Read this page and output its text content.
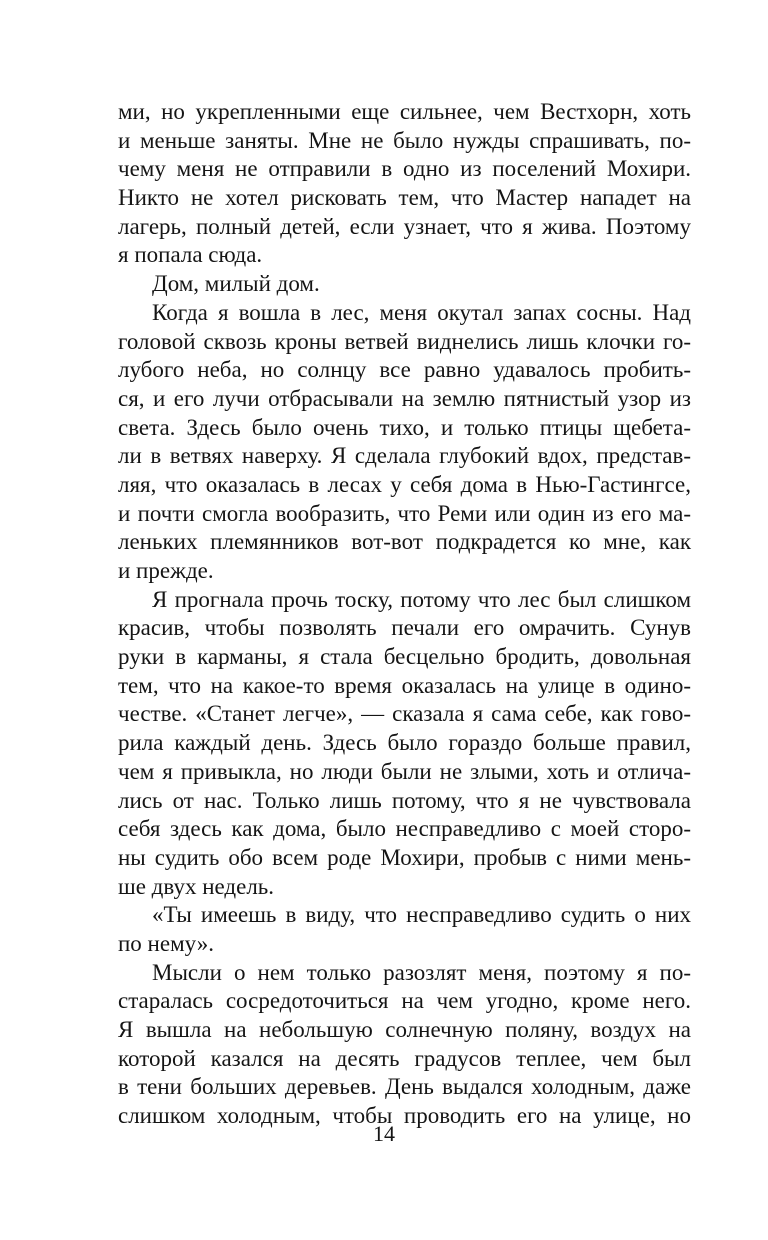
ми, но укрепленными еще сильнее, чем Вестхорн, хоть
и меньше заняты. Мне не было нужды спрашивать, по-
чему меня не отправили в одно из поселений Мохири.
Никто не хотел рисковать тем, что Мастер нападет на
лагерь, полный детей, если узнает, что я жива. Поэтому
я попала сюда.
Дом, милый дом.
Когда я вошла в лес, меня окутал запах сосны. Над
головой сквозь кроны ветвей виднелись лишь клочки го-
лубого неба, но солнцу все равно удавалось пробить-
ся, и его лучи отбрасывали на землю пятнистый узор из
света. Здесь было очень тихо, и только птицы щебета-
ли в ветвях наверху. Я сделала глубокий вдох, представ-
ляя, что оказалась в лесах у себя дома в Нью-Гастингсе,
и почти смогла вообразить, что Реми или один из его ма-
леньких племянников вот-вот подкрадется ко мне, как
и прежде.
Я прогнала прочь тоску, потому что лес был слишком
красив, чтобы позволять печали его омрачить. Сунув
руки в карманы, я стала бесцельно бродить, довольная
тем, что на какое-то время оказалась на улице в одино-
честве. «Станет легче», — сказала я сама себе, как гово-
рила каждый день. Здесь было гораздо больше правил,
чем я привыкла, но люди были не злыми, хоть и отлича-
лись от нас. Только лишь потому, что я не чувствовала
себя здесь как дома, было несправедливо с моей сторо-
ны судить обо всем роде Мохири, пробыв с ними мень-
ше двух недель.
«Ты имеешь в виду, что несправедливо судить о них
по нему».
Мысли о нем только разозлят меня, поэтому я по-
старалась сосредоточиться на чем угодно, кроме него.
Я вышла на небольшую солнечную поляну, воздух на
которой казался на десять градусов теплее, чем был
в тени больших деревьев. День выдался холодным, даже
слишком холодным, чтобы проводить его на улице, но
14
